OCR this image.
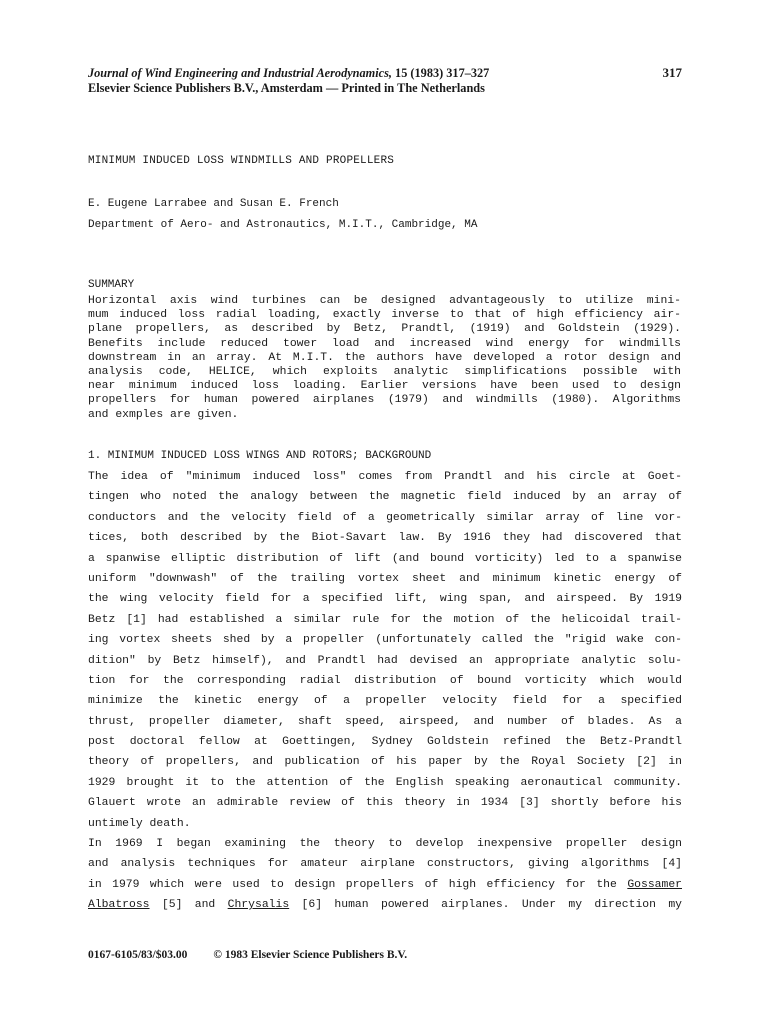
Journal of Wind Engineering and Industrial Aerodynamics, 15 (1983) 317–327
Elsevier Science Publishers B.V., Amsterdam — Printed in The Netherlands
317
MINIMUM INDUCED LOSS WINDMILLS AND PROPELLERS
E. Eugene Larrabee and Susan E. French
Department of Aero- and Astronautics, M.I.T., Cambridge, MA
SUMMARY
Horizontal axis wind turbines can be designed advantageously to utilize mini-
mum induced loss radial loading, exactly inverse to that of high efficiency air-
plane propellers, as described by Betz, Prandtl, (1919) and Goldstein (1929).
Benefits include reduced tower load and increased wind energy for windmills
downstream in an array. At M.I.T. the authors have developed a rotor design and
analysis code, HELICE, which exploits analytic simplifications possible with
near minimum induced loss loading. Earlier versions have been used to design
propellers for human powered airplanes (1979) and windmills (1980). Algorithms
and exmples are given.
1. MINIMUM INDUCED LOSS WINGS AND ROTORS; BACKGROUND
The idea of "minimum induced loss" comes from Prandtl and his circle at Goet-
tingen who noted the analogy between the magnetic field induced by an array of
conductors and the velocity field of a geometrically similar array of line vor-
tices, both described by the Biot-Savart law. By 1916 they had discovered that
a spanwise elliptic distribution of lift (and bound vorticity) led to a spanwise
uniform "downwash" of the trailing vortex sheet and minimum kinetic energy of
the wing velocity field for a specified lift, wing span, and airspeed. By 1919
Betz [1] had established a similar rule for the motion of the helicoidal trail-
ing vortex sheets shed by a propeller (unfortunately called the "rigid wake con-
dition" by Betz himself), and Prandtl had devised an appropriate analytic solu-
tion for the corresponding radial distribution of bound vorticity which would
minimize the kinetic energy of a propeller velocity field for a specified
thrust, propeller diameter, shaft speed, airspeed, and number of blades. As a
post doctoral fellow at Goettingen, Sydney Goldstein refined the Betz-Prandtl
theory of propellers, and publication of his paper by the Royal Society [2] in
1929 brought it to the attention of the English speaking aeronautical community.
Glauert wrote an admirable review of this theory in 1934 [3] shortly before his
untimely death.
In 1969 I began examining the theory to develop inexpensive propeller design
and analysis techniques for amateur airplane constructors, giving algorithms [4]
in 1979 which were used to design propellers of high efficiency for the Gossamer
Albatross [5] and Chrysalis [6] human powered airplanes. Under my direction my
0167-6105/83/$03.00 © 1983 Elsevier Science Publishers B.V.
